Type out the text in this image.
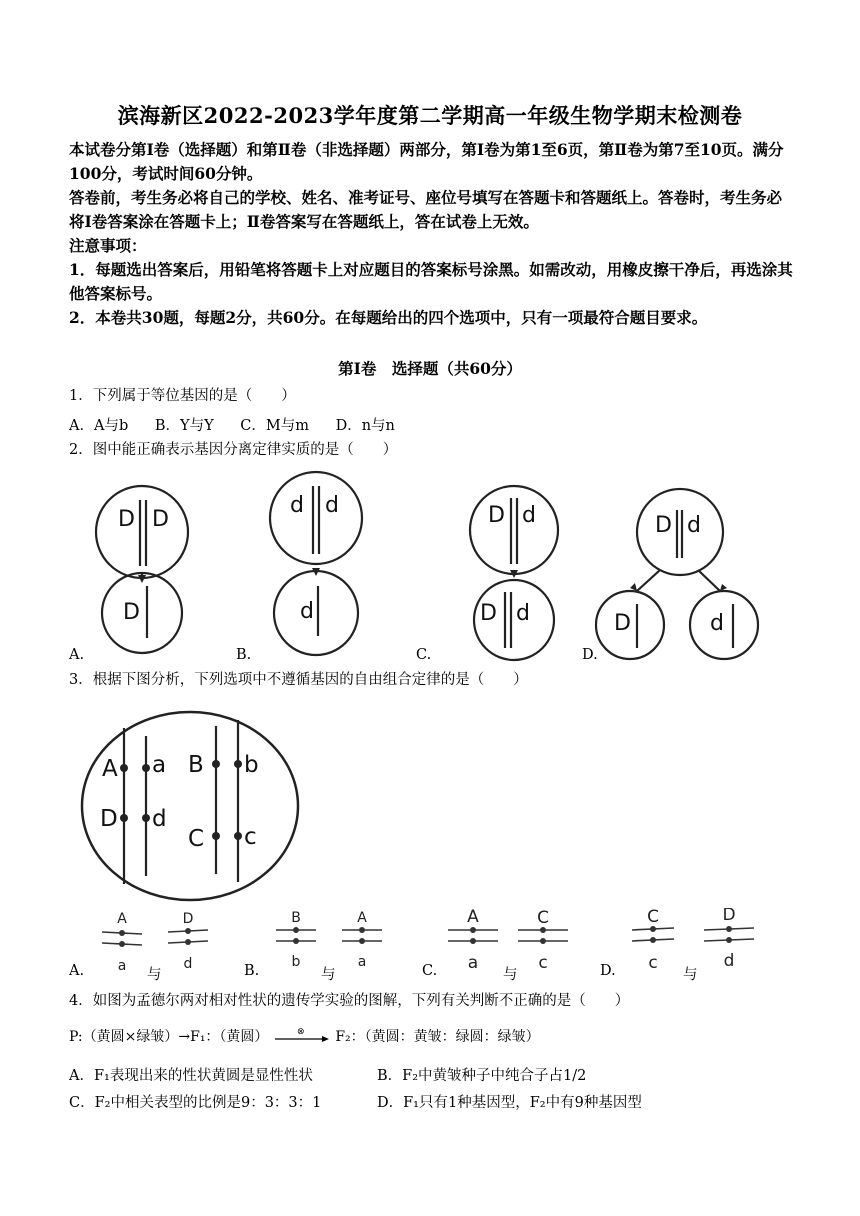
滨海新区2022-2023学年度第二学期高一年级生物学期末检测卷

本试卷分第Ⅰ卷（选择题）和第Ⅱ卷（非选择题）两部分，第Ⅰ卷为第1至6页，第Ⅱ卷为第7至10页。满分100分，考试时间60分钟。

答卷前，考生务必将自己的学校、姓名、准考证号、座位号填写在答题卡和答题纸上。答卷时，考生务必将Ⅰ卷答案涂在答题卡上；Ⅱ卷答案写在答题纸上，答在试卷上无效。

注意事项：

1．每题选出答案后，用铅笔将答题卡上对应题目的答案标号涂黑。如需改动，用橡皮擦干净后，再选涂其他答案标号。

2．本卷共30题，每题2分，共60分。在每题给出的四个选项中，只有一项最符合题目要求。

第Ⅰ卷　选择题（共60分）
1．下列属于等位基因的是（　　）
A．A与b B．Y与Y C．M与m D．n与n
2．图中能正确表示基因分离定律实质的是（　　）
D D
D
d d
d
D d
D d
D d
D	d
A.	B.	C.	D.
3．根据下图分析，下列选项中不遵循基因的自由组合定律的是（　　）
A a B b
D d
C c
A
a
D
d
B
b
A
a
A
a
C
c
C
c
D
d
A.	与	B.	与	C.	与	D.	与
4．如图为孟德尔两对相对性状的遗传学实验的图解，下列有关判断不正确的是（　　）
P:（黄圆×绿皱）→F₁：（黄圆）	⊗ F₂：（黄圆：黄皱：绿圆：绿皱）
A．F₁表现出来的性状黄圆是显性性状	B．F₂中黄皱种子中纯合子占1/2
C．F₂中相关表型的比例是9：3：3：1	D．F₁只有1种基因型，F₂中有9种基因型
